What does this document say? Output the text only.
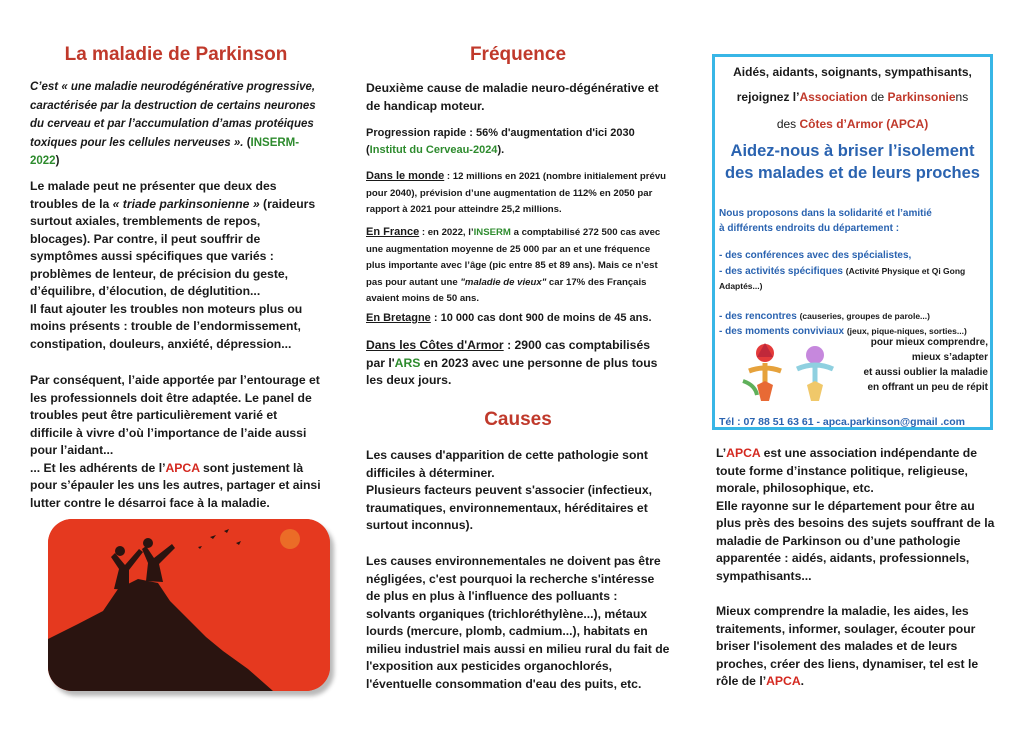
La maladie de Parkinson

C’est « une maladie neurodégénérative progressive, caractérisée par la destruction de certains neurones du cerveau et par l’accumulation d’amas protéiques toxiques pour les cellules nerveuses ». (INSERM-2022)

Le malade peut ne présenter que deux des troubles de la « triade parkinsonienne » (raideurs surtout axiales, tremblements de repos, blocages). Par contre, il peut souffrir de symptômes aussi spécifiques que variés : problèmes de lenteur, de précision du geste, d’équilibre, d’élocution, de déglutition...
Il faut ajouter les troubles non moteurs plus ou moins présents : trouble de l’endormissement, constipation, douleurs, anxiété, dépression...

Par conséquent, l’aide apportée par l’entourage et les professionnels doit être adaptée. Le panel de troubles peut être particulièrement varié et difficile à vivre d’où l’importance de l’aide aussi pour l’aidant...
... Et les adhérents de l’APCA sont justement là pour s’épauler les uns les autres, partager et ainsi lutter contre le désarroi face à la maladie.

Fréquence

Deuxième cause de maladie neuro-dégénérative et de handicap moteur.

Progression rapide : 56% d'augmentation d'ici 2030
(Institut du Cerveau-2024).

Dans le monde : 12 millions en 2021 (nombre initialement prévu pour 2040), prévision d’une augmentation de 112% en 2050 par rapport à 2021 pour atteindre 25,2 millions.

En France : en 2022, l’INSERM a comptabilisé 272 500 cas avec une augmentation moyenne de 25 000 par an et une fréquence plus importante avec l’âge (pic entre 85 et 89 ans). Mais ce n’est pas pour autant une "maladie de vieux" car 17% des Français avaient moins de 50 ans.

En Bretagne : 10 000 cas dont 900 de moins de 45 ans.

Dans les Côtes d'Armor : 2900 cas comptabilisés par l'ARS en 2023 avec une personne de plus tous les deux jours.

Causes

Les causes d'apparition de cette pathologie sont difficiles à déterminer.
Plusieurs facteurs peuvent s'associer (infectieux, traumatiques, environnementaux, héréditaires et surtout inconnus).

Les causes environnementales ne doivent pas être négligées, c'est pourquoi la recherche s'intéresse de plus en plus à l'influence des polluants :
solvants organiques (trichloréthylène...), métaux lourds (mercure, plomb, cadmium...), habitats en milieu industriel mais aussi en milieu rural du fait de l'exposition aux pesticides organochlorés, l'éventuelle consommation d'eau des puits, etc.

Aidés, aidants, soignants, sympathisants,
rejoignez l’Association de Parkinsoniens
des Côtes d’Armor (APCA)
Aidez-nous à briser l’isolement
des malades et de leurs proches
Nous proposons dans la solidarité et l’amitié
à différents endroits du département :
- des conférences avec des spécialistes,
- des activités spécifiques (Activité Physique et Qi Gong Adaptés...)
- des rencontres (causeries, groupes de parole...)
- des moments conviviaux (jeux, pique-niques, sorties...)
pour mieux comprendre,
mieux s’adapter
et aussi oublier la maladie
en offrant un peu de répit
Tél : 07 88 51 63 61 - apca.parkinson@gmail .com

L’APCA est une association indépendante de toute forme d’instance politique, religieuse, morale, philosophique, etc.
Elle rayonne sur le département pour être au plus près des besoins des sujets souffrant de la maladie de Parkinson ou d’une pathologie apparentée : aidés, aidants, professionnels, sympathisants...

Mieux comprendre la maladie, les aides, les traitements, informer, soulager, écouter pour briser l'isolement des malades et de leurs proches, créer des liens, dynamiser, tel est le rôle de l’APCA.
